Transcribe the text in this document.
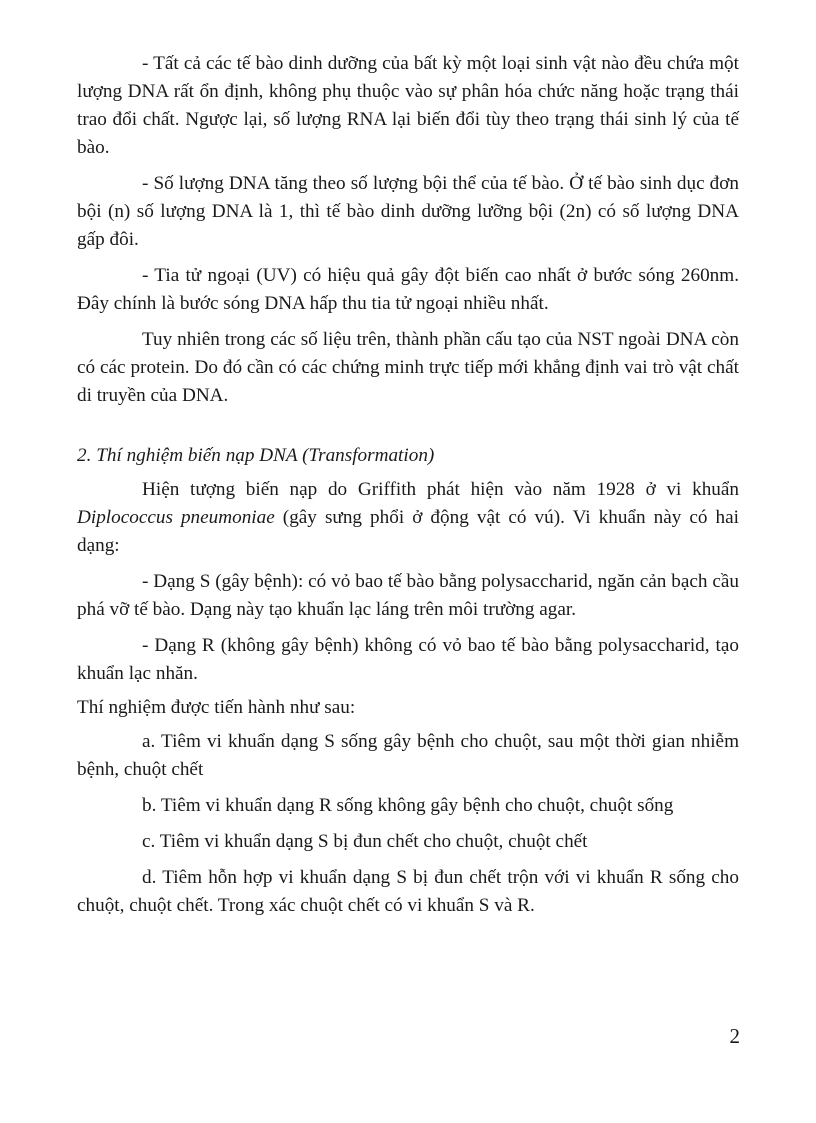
- Tất cả các tế bào dinh dưỡng của bất kỳ một loại sinh vật nào đều chứa một lượng DNA rất ổn định, không phụ thuộc vào sự phân hóa chức năng hoặc trạng thái trao đổi chất. Ngược lại, số lượng RNA lại biến đổi tùy theo trạng thái sinh lý của tế bào.

- Số lượng DNA tăng theo số lượng bội thể của tế bào. Ở tế bào sinh dục đơn bội (n) số lượng DNA là 1, thì tế bào dinh dưỡng lưỡng bội (2n) có số lượng DNA gấp đôi.

- Tia tử ngoại (UV) có hiệu quả gây đột biến cao nhất ở bước sóng 260nm. Đây chính là bước sóng DNA hấp thu tia tử ngoại nhiều nhất.

Tuy nhiên trong các số liệu trên, thành phần cấu tạo của NST ngoài DNA còn có các protein. Do đó cần có các chứng minh trực tiếp mới khẳng định vai trò vật chất di truyền của DNA.

2. Thí nghiệm biến nạp DNA (Transformation)

Hiện tượng biến nạp do Griffith phát hiện vào năm 1928 ở vi khuẩn Diplococcus pneumoniae (gây sưng phổi ở động vật có vú). Vi khuẩn này có hai dạng:

- Dạng S (gây bệnh): có vỏ bao tế bào bằng polysaccharid, ngăn cản bạch cầu phá vỡ tế bào. Dạng này tạo khuẩn lạc láng trên môi trường agar.

- Dạng R (không gây bệnh) không có vỏ bao tế bào bằng polysaccharid, tạo khuẩn lạc nhăn.

Thí nghiệm được tiến hành như sau:

a. Tiêm vi khuẩn dạng S sống gây bệnh cho chuột, sau một thời gian nhiễm bệnh, chuột chết

b. Tiêm vi khuẩn dạng R sống không gây bệnh cho chuột, chuột sống

c. Tiêm vi khuẩn dạng S bị đun chết cho chuột, chuột chết

d. Tiêm hỗn hợp vi khuẩn dạng S bị đun chết trộn với vi khuẩn R sống cho chuột, chuột chết. Trong xác chuột chết có vi khuẩn S và R.

2
